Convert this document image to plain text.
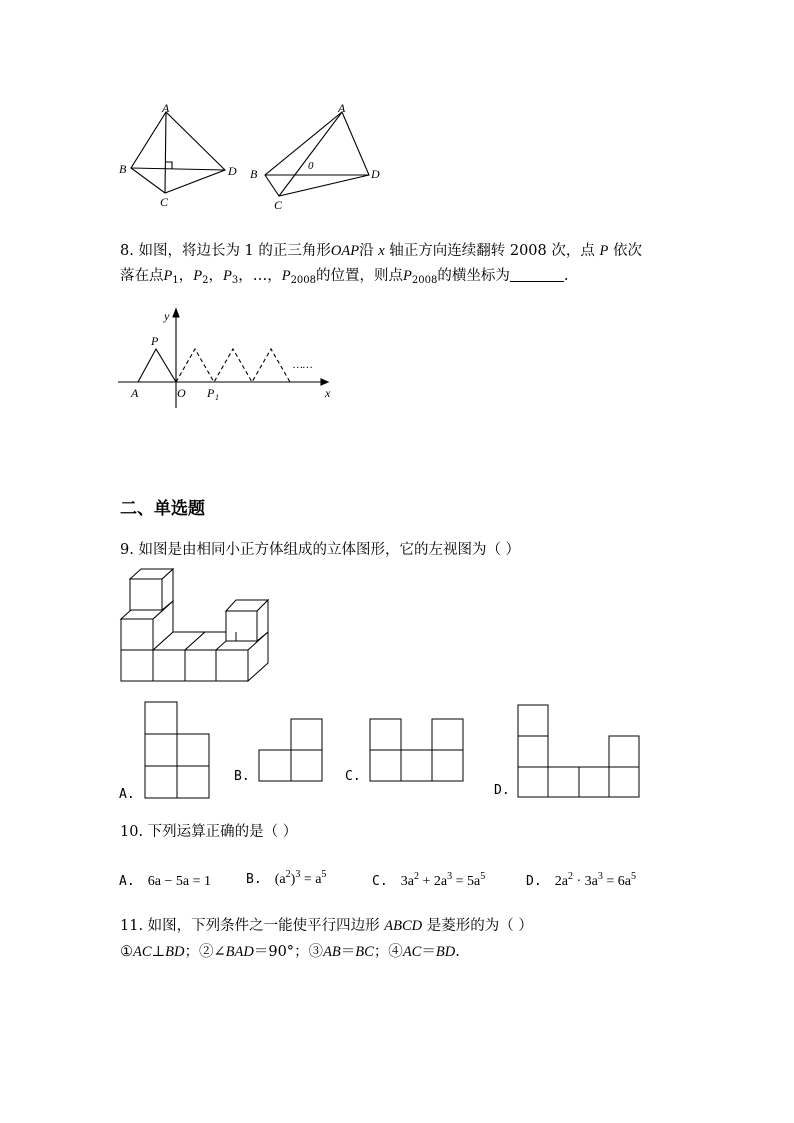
A
B
C
D
A
B
C
D
0
8. 如图，将边长为 1 的正三角形OAP沿 x 轴正方向连续翻转 2008 次，点 P 依次
落在点$P_1$，$P_2$，$P_3$，…，$P_{2008}$的位置，则点$P_{2008}$的横坐标为	.
y
x
P
A	O P 1
……
二、单选题
9. 如图是由相同小正方体组成的立体图形，它的左视图为（ ）
A.
B.	C.
D.
10. 下列运算正确的是（ ）
A. 6a − 5a = 1	B. $(a^2)^3 = a^5$	C. $3a^2 + 2a^3 = 5a^5$	D. $2a^2 \cdot 3a^3 = 6a^5$
11. 如图，下列条件之一能使平行四边形 ABCD 是菱形的为（ ）
①AC⊥BD；②∠BAD＝90°；③AB＝BC；④AC＝BD.
